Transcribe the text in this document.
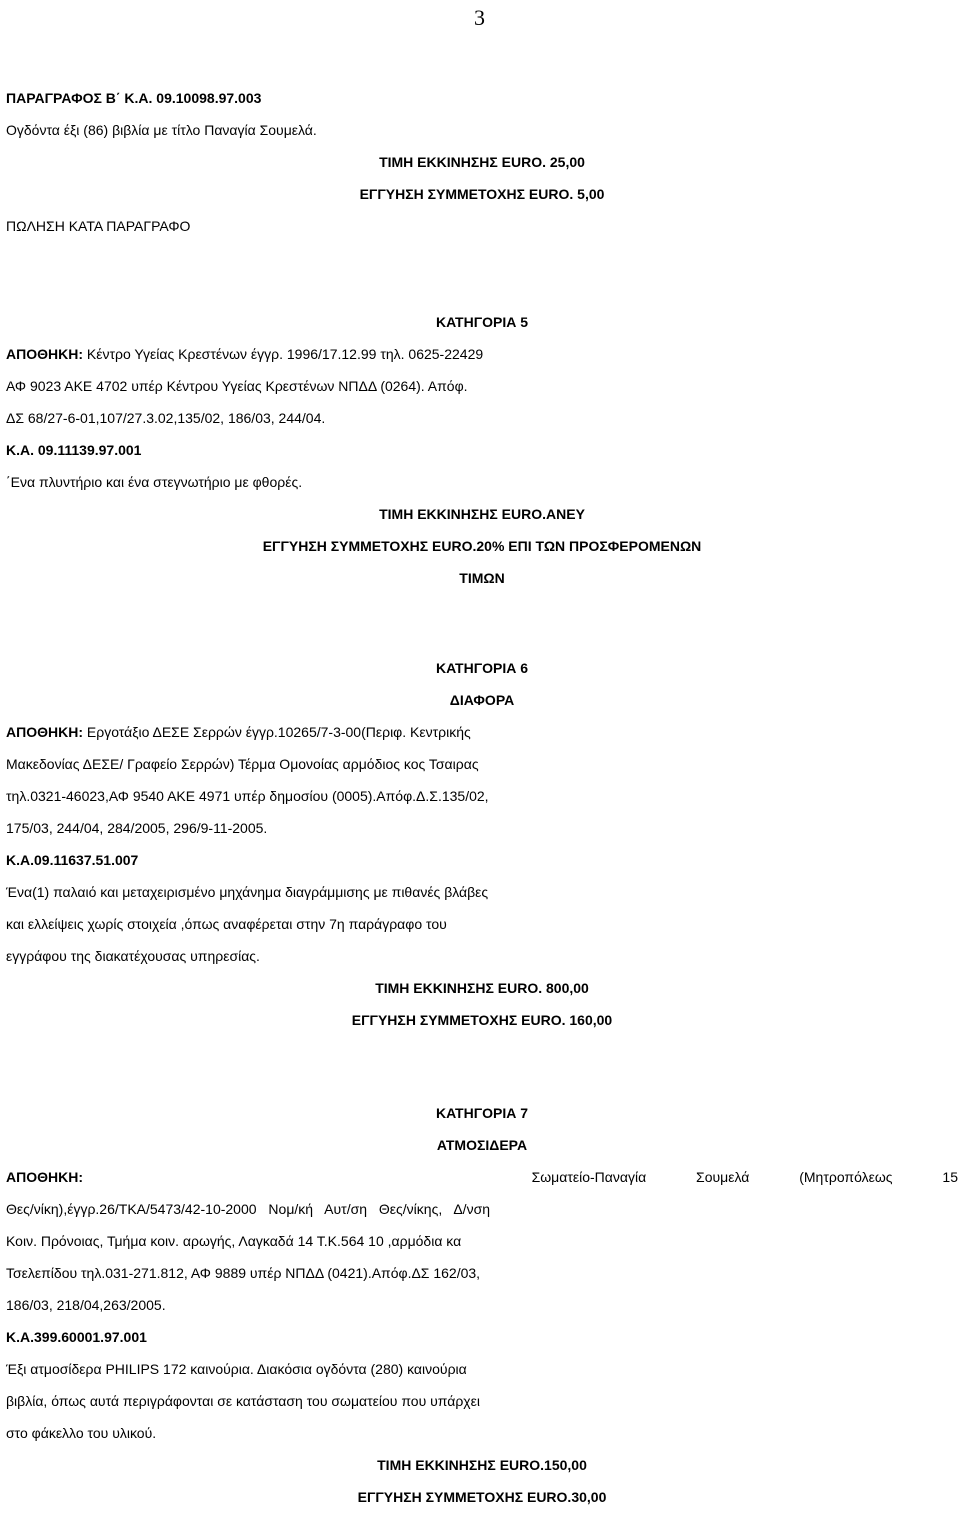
3
ΠΑΡΑΓΡΑΦΟΣ Β΄ Κ.Α. 09.10098.97.003
Ογδόντα έξι (86) βιβλία με τίτλο Παναγία Σουμελά.
ΤΙΜΗ ΕΚΚΙΝΗΣΗΣ EURO. 25,00
ΕΓΓΥΗΣΗ ΣΥΜΜΕΤΟΧΗΣ EURO. 5,00
ΠΩΛΗΣΗ ΚΑΤΑ ΠΑΡΑΓΡΑΦΟ
ΚΑΤΗΓΟΡΙΑ 5
ΑΠΟΘΗΚΗ: Κέντρο Υγείας Κρεστένων έγγρ. 1996/17.12.99 τηλ. 0625-22429
ΑΦ 9023 ΑΚΕ 4702 υπέρ Κέντρου Υγείας Κρεστένων ΝΠΔΔ (0264). Απόφ.
ΔΣ 68/27-6-01,107/27.3.02,135/02, 186/03, 244/04.
Κ.Α. 09.11139.97.001
΄Ενα πλυντήριο και ένα στεγνωτήριο με φθορές.
ΤΙΜΗ ΕΚΚΙΝΗΣΗΣ EURO.ΑΝΕΥ
ΕΓΓΥΗΣΗ ΣΥΜΜΕΤΟΧΗΣ EURO.20% ΕΠΙ ΤΩΝ ΠΡΟΣΦΕΡΟΜΕΝΩΝ
ΤΙΜΩΝ
ΚΑΤΗΓΟΡΙΑ 6
ΔΙΑΦΟΡΑ
ΑΠΟΘΗΚΗ: Εργοτάξιο ΔΕΣΕ Σερρών έγγρ.10265/7-3-00(Περιφ. Κεντρικής
Μακεδονίας ΔΕΣΕ/ Γραφείο Σερρών) Τέρμα Ομονοίας αρμόδιος κος Τσαιρας
τηλ.0321-46023,ΑΦ 9540 ΑΚΕ 4971 υπέρ δημοσίου (0005).Απόφ.Δ.Σ.135/02,
175/03, 244/04, 284/2005, 296/9-11-2005.
Κ.Α.09.11637.51.007
Ένα(1) παλαιό και μεταχειρισμένο μηχάνημα διαγράμμισης με πιθανές βλάβες
και ελλείψεις χωρίς στοιχεία ,όπως αναφέρεται στην 7η παράγραφο του
εγγράφου της διακατέχουσας υπηρεσίας.
ΤΙΜΗ ΕΚΚΙΝΗΣΗΣ EURO. 800,00
ΕΓΓΥΗΣΗ ΣΥΜΜΕΤΟΧΗΣ EURO. 160,00
ΚΑΤΗΓΟΡΙΑ 7
ΑΤΜΟΣΙΔΕΡΑ
ΑΠΟΘΗΚΗ:	Σωματείο-Παναγία Σουμελά (Μητροπόλεως 15
Θες/νίκη),έγγρ.26/ΤΚΑ/5473/42-10-2000 Νομ/κή Αυτ/ση Θες/νίκης, Δ/νση
Κοιν. Πρόνοιας, Τμήμα κοιν. αρωγής, Λαγκαδά 14 Τ.Κ.564 10 ,αρμόδια κα
Τσελεπίδου τηλ.031-271.812, ΑΦ 9889 υπέρ ΝΠΔΔ (0421).Απόφ.ΔΣ 162/03,
186/03, 218/04,263/2005.
Κ.Α.399.60001.97.001
Έξι ατμοσίδερα PHILIPS 172 καινούρια. Διακόσια ογδόντα (280) καινούρια
βιβλία, όπως αυτά περιγράφονται σε κατάσταση του σωματείου που υπάρχει
στο φάκελλο του υλικού.
ΤΙΜΗ ΕΚΚΙΝΗΣΗΣ EURO.150,00
ΕΓΓΥΗΣΗ ΣΥΜΜΕΤΟΧΗΣ EURO.30,00
